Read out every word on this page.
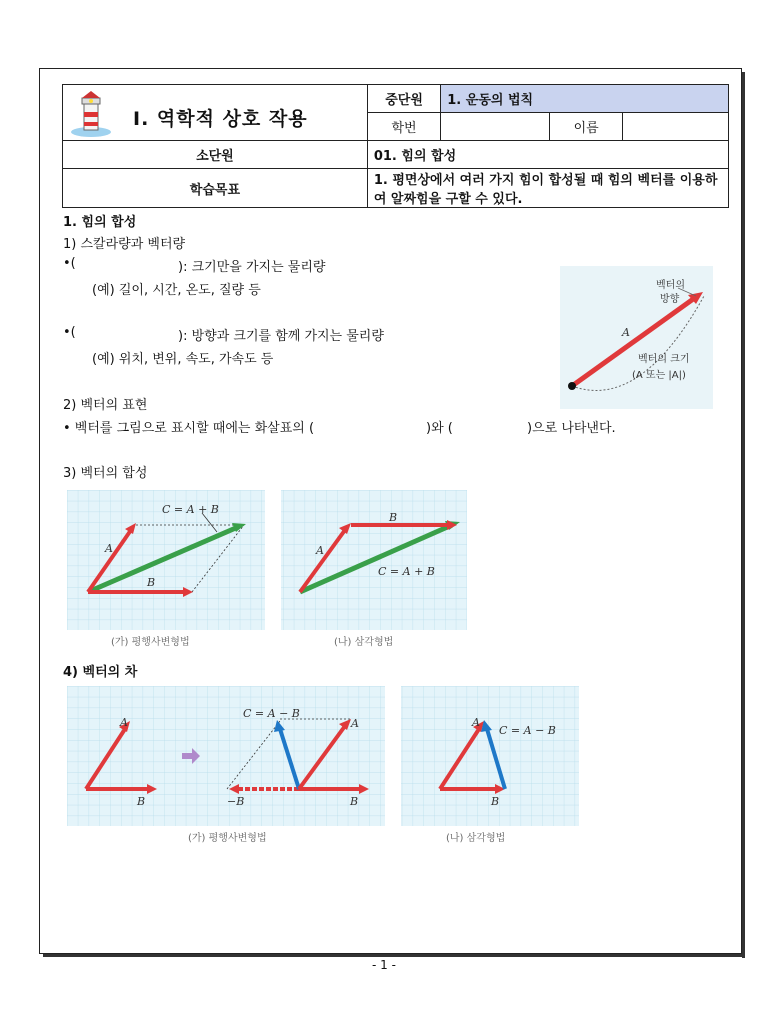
Ⅰ. 역학적 상호 작용	중단원	1. 운동의 법칙		
	학번		이름	
소단원	01. 힘의 합성			
학습목표	1. 평면상에서 여러 가지 힘이 합성될 때 힘의 벡터를 이용하여 알짜힘을 구할 수 있다.			
1. 힘의 합성
1) 스칼라량과 벡터량
•(	): 크기만을 가지는 물리량
(예) 길이, 시간, 온도, 질량 등
•(	): 방향과 크기를 함께 가지는 물리량
(예) 위치, 변위, 속도, 가속도 등
2) 벡터의 표현
• 벡터를 그림으로 표시할 때에는 화살표의 (	)와 (	)으로 나타낸다.
3) 벡터의 합성
4) 벡터의 차
벡터의
방향
A
벡터의 크기
(A 또는 |A|)
C = A + B
A
B
B
A
C = A + B
(가) 평행사변형법	(나) 삼각형법
A
B
C = A − B
A
−B	B
A
C = A − B
B
(가) 평행사변형법	(나) 삼각형법
- 1 -
